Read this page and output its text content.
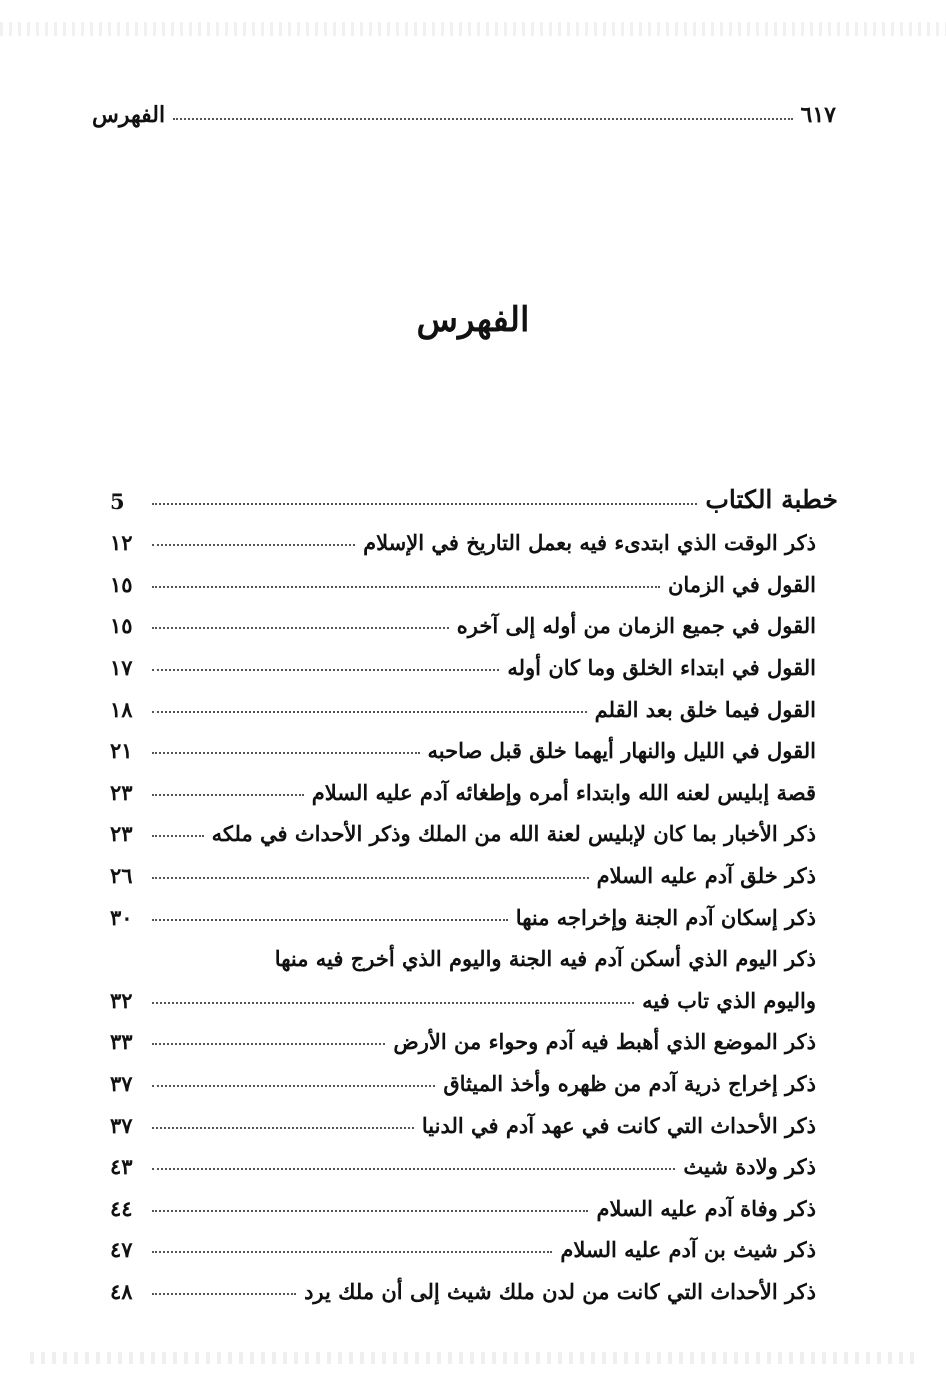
الفهرس	٦١٧
الفهرس
خطبة الكتاب
5
ذكر الوقت الذي ابتدىء فيه بعمل التاريخ في الإسلام
١٢
القول في الزمان
١٥
القول في جميع الزمان من أوله إلى آخره
١٥
القول في ابتداء الخلق وما كان أوله
١٧
القول فيما خلق بعد القلم
١٨
القول في الليل والنهار أيهما خلق قبل صاحبه
٢١
قصة إبليس لعنه الله وابتداء أمره وإطغائه آدم عليه السلام
٢٣
ذكر الأخبار بما كان لإبليس لعنة الله من الملك وذكر الأحداث في ملكه
٢٣
ذكر خلق آدم عليه السلام
٢٦
ذكر إسكان آدم الجنة وإخراجه منها
٣٠
ذكر اليوم الذي أسكن آدم فيه الجنة واليوم الذي أخرج فيه منها
واليوم الذي تاب فيه
٣٢
ذكر الموضع الذي أهبط فيه آدم وحواء من الأرض
٣٣
ذكر إخراج ذرية آدم من ظهره وأخذ الميثاق
٣٧
ذكر الأحداث التي كانت في عهد آدم في الدنيا
٣٧
ذكر ولادة شيث
٤٣
ذكر وفاة آدم عليه السلام
٤٤
ذكر شيث بن آدم عليه السلام
٤٧
ذكر الأحداث التي كانت من لدن ملك شيث إلى أن ملك يرد
٤٨
